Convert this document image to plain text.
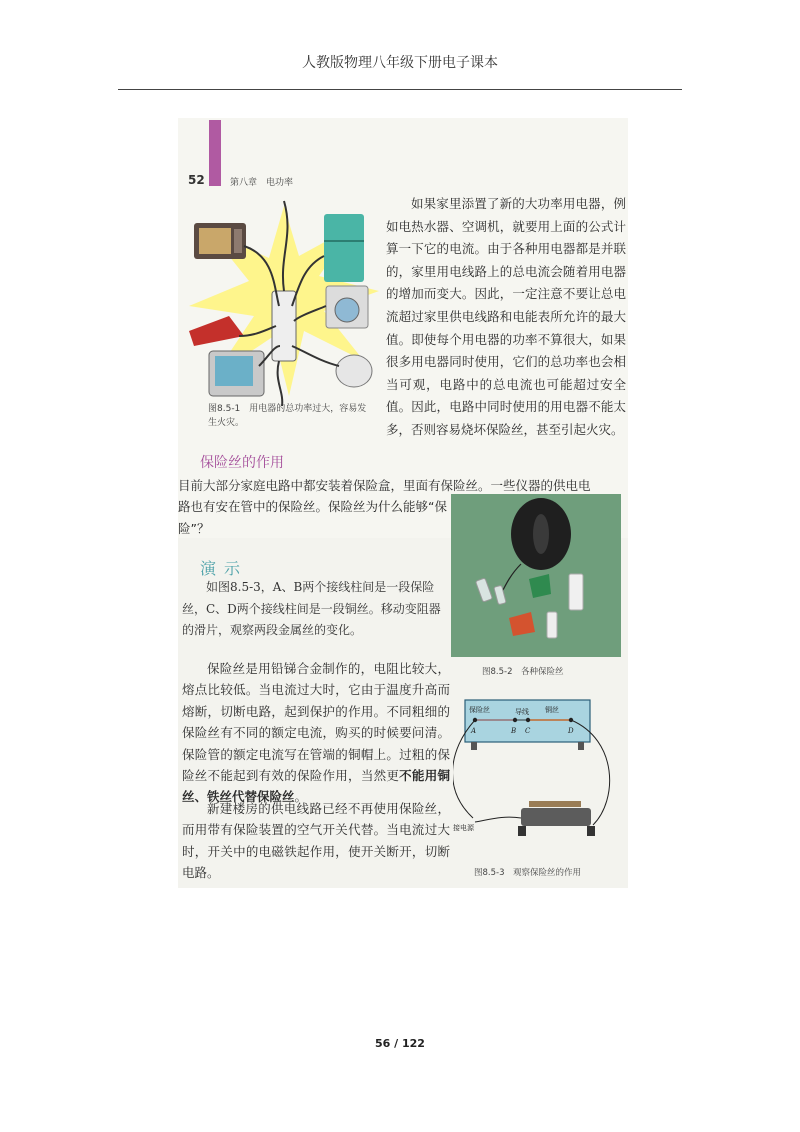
人教版物理八年级下册电子课本
52	第八章　电功率
图8.5-1　用电器的总功率过大，容易发生火灾。
如果家里添置了新的大功率用电器，例如电热水器、空调机，就要用上面的公式计算一下它的电流。由于各种用电器都是并联的，家里用电线路上的总电流会随着用电器的增加而变大。因此，一定注意不要让总电流超过家里供电线路和电能表所允许的最大值。即使每个用电器的功率不算很大，如果很多用电器同时使用，它们的总功率也会相当可观，电路中的总电流也可能超过安全值。因此，电路中同时使用的用电器不能太多，否则容易烧坏保险丝，甚至引起火灾。
保险丝的作用
目前大部分家庭电路中都安装着保险盒，里面有保险丝。一些仪器的供电电
路也有安在管中的保险丝。保险丝为什么能够“保险”？
图8.5-2　各种保险丝
演示
如图8.5-3，A、B两个接线柱间是一段保险丝，C、D两个接线柱间是一段铜丝。移动变阻器的滑片，观察两段金属丝的变化。
保险丝是用铅锑合金制作的，电阻比较大，熔点比较低。当电流过大时，它由于温度升高而熔断，切断电路，起到保护的作用。不同粗细的保险丝有不同的额定电流，购买的时候要问清。保险管的额定电流写在管端的铜帽上。过粗的保险丝不能起到有效的保险作用，当然更不能用铜丝、铁丝代替保险丝。
新建楼房的供电线路已经不再使用保险丝，而用带有保险装置的空气开关代替。当电流过大时，开关中的电磁铁起作用，使开关断开，切断电路。
保险丝	导线 铜丝
A	B C	D
接电源
图8.5-3　观察保险丝的作用
56 / 122
